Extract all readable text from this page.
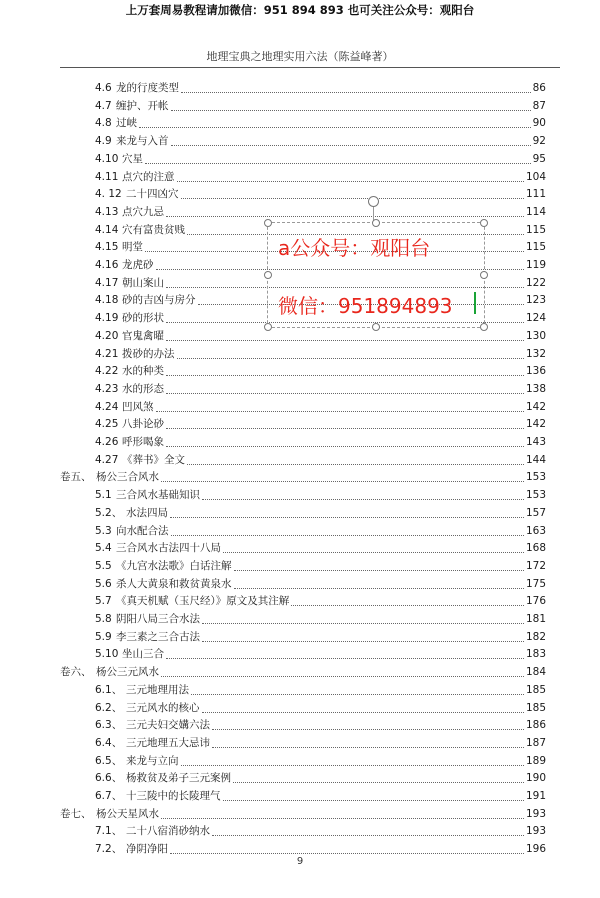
上万套周易教程请加微信：951 894 893 也可关注公众号：观阳台
地理宝典之地理实用六法（陈益峰著）
4.6 龙的行度类型	86
4.7 缠护、开帐	87
4.8 过峡	90
4.9 来龙与入首	92
4.10 穴星	95
4.11 点穴的注意	104
4. 12 二十四凶穴	111
4.13 点穴九忌	114
4.14 穴有富贵贫贱	115
4.15 明堂	115
4.16 龙虎砂	119
4.17 朝山案山	122
4.18 砂的吉凶与房分	123
4.19 砂的形状	124
4.20 官鬼禽曜	130
4.21 拨砂的办法	132
4.22 水的种类	136
4.23 水的形态	138
4.24 凹风煞	142
4.25 八卦论砂	142
4.26 呼形喝象	143
4.27 《葬书》全文	144
卷五、 杨公三合风水	153
5.1 三合风水基础知识	153
5.2、 水法四局	157
5.3 向水配合法	163
5.4 三合风水古法四十八局	168
5.5 《九宫水法歌》白话注解	172
5.6 杀人大黄泉和救贫黄泉水	175
5.7 《真天机赋（玉尺经）》原文及其注解	176
5.8 阴阳八局三合水法	181
5.9 李三素之三合古法	182
5.10 坐山三合	183
卷六、 杨公三元风水	184
6.1、 三元地理用法	185
6.2、 三元风水的核心	185
6.3、 三元夫妇交媾六法	186
6.4、 三元地理五大忌讳	187
6.5、 来龙与立向	189
6.6、 杨救贫及弟子三元案例	190
6.7、 十三陵中的长陵理气	191
卷七、 杨公天星风水	193
7.1、 二十八宿消砂纳水	193
7.2、 净阴净阳	196
a公众号：观阳台
微信：951894893
9
